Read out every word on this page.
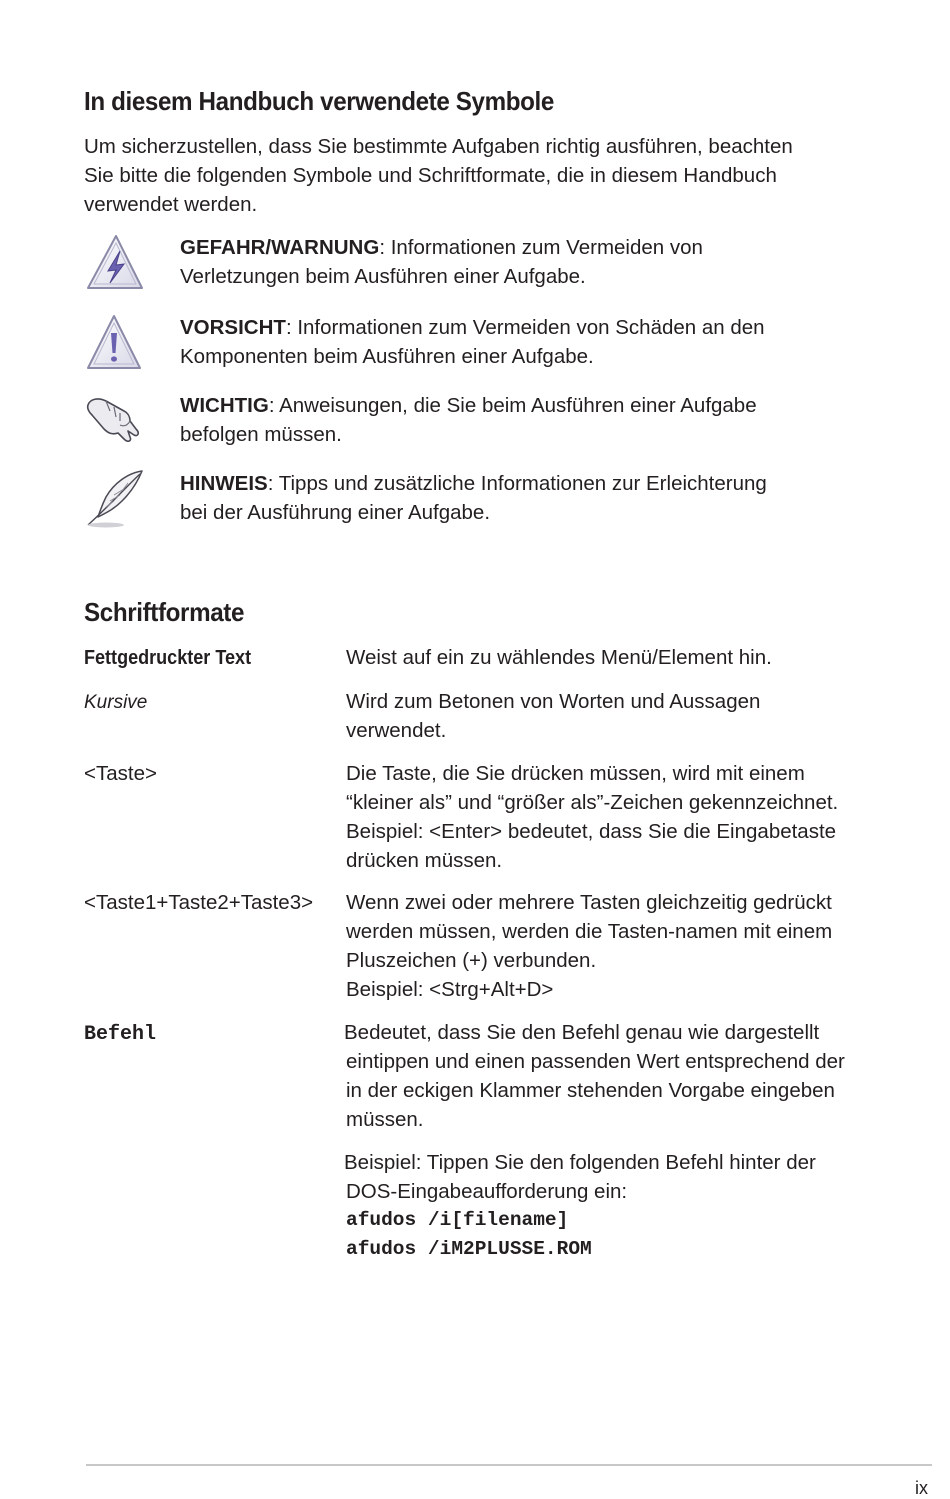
In diesem Handbuch verwendete Symbole

Um sicherzustellen, dass Sie bestimmte Aufgaben richtig ausführen, beachten
Sie bitte die folgenden Symbole und Schriftformate, die in diesem Handbuch
verwendet werden.

GEFAHR/WARNUNG: Informationen zum Vermeiden von
Verletzungen beim Ausführen einer Aufgabe.
VORSICHT: Informationen zum Vermeiden von Schäden an den
Komponenten beim Ausführen einer Aufgabe.
WICHTIG: Anweisungen, die Sie beim Ausführen einer Aufgabe
befolgen müssen.
HINWEIS: Tipps und zusätzliche Informationen zur Erleichterung
bei der Ausführung einer Aufgabe.
Schriftformate
Fettgedruckter Text	Weist auf ein zu wählendes Menü/Element hin.
Kursive	Wird zum Betonen von Worten und Aussagen
verwendet.
<Taste>	Die Taste, die Sie drücken müssen, wird mit einem
“kleiner als” und “größer als”-Zeichen gekennzeichnet.
Beispiel: <Enter> bedeutet, dass Sie die Eingabetaste
drücken müssen.
<Taste1+Taste2+Taste3> Wenn zwei oder mehrere Tasten gleichzeitig gedrückt
werden müssen, werden die Tasten-namen mit einem
Pluszeichen (+) verbunden.
Beispiel: <Strg+Alt+D>
Befehl	Bedeutet, dass Sie den Befehl genau wie dargestellt
eintippen und einen passenden Wert entsprechend der
in der eckigen Klammer stehenden Vorgabe eingeben
müssen.
Beispiel: Tippen Sie den folgenden Befehl hinter der
DOS-Eingabeaufforderung ein:
afudos /i[filename]
afudos /iM2PLUSSE.ROM
ix
